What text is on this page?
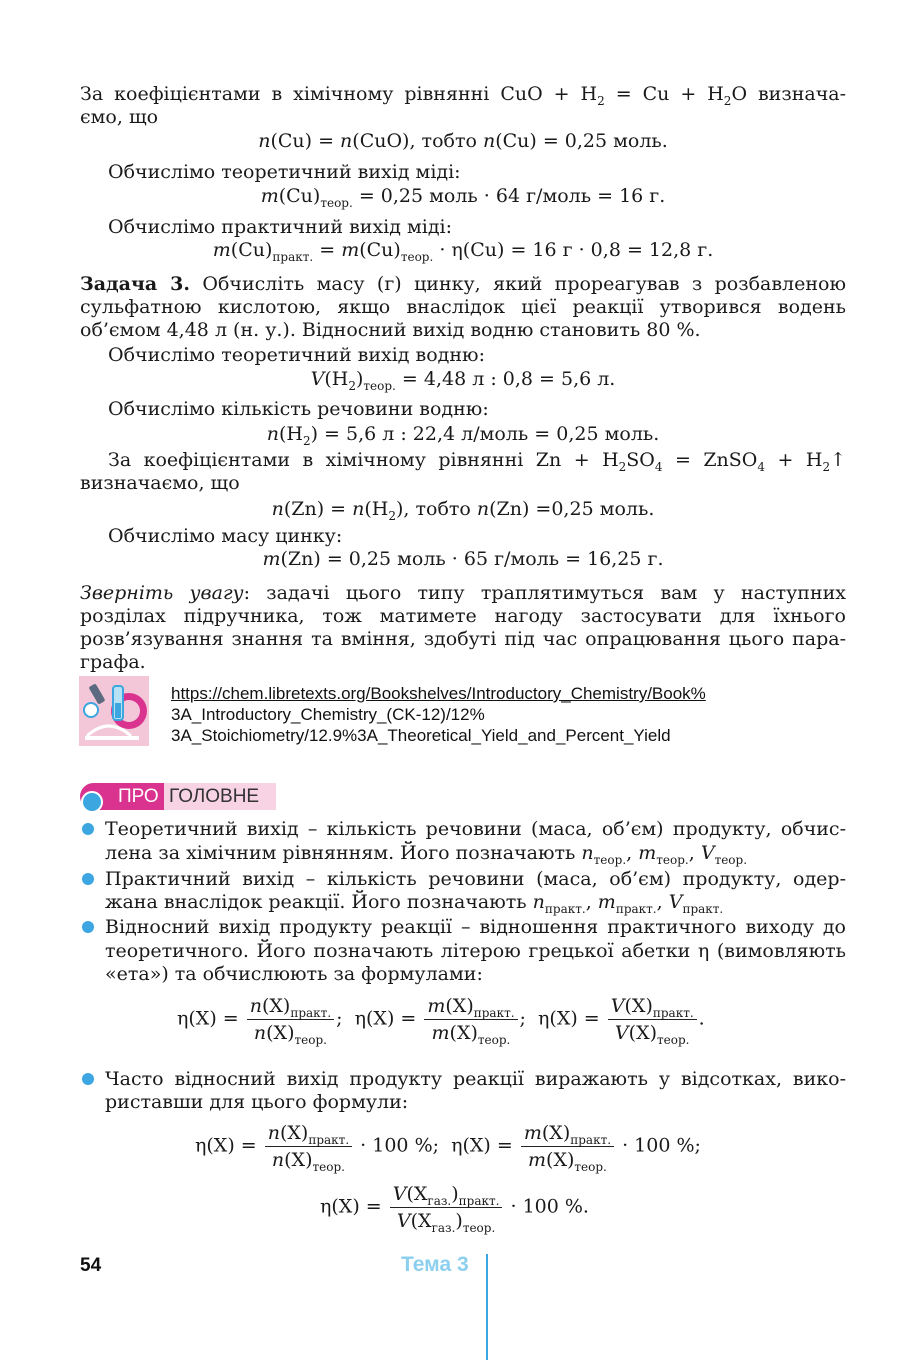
За коефіцієнтами в хімічному рівнянні CuO + $H_2 = Cu + H_2O$ визнача-
ємо, що
n(Cu) = n(CuO), тобто n(Cu) = 0,25 моль.
Обчислімо теоретичний вихід міді:
$m(Cu)_{теор.} = 0,25$ моль · 64 г/моль = 16 г.
Обчислімо практичний вихід міді:
$m(Cu)_{практ.} = m(Cu)_{теор.} \cdot \eta(Cu) = 16$ г · 0,8 = 12,8 г.
Задача 3. Обчисліть масу (г) цинку, який прореагував з розбавленою
сульфатною кислотою, якщо внаслідок цієї реакції утворився водень
об’ємом 4,48 л (н. у.). Відносний вихід водню становить 80 %.
Обчислімо теоретичний вихід водню:
$V(H_2)_{теор.} = 4,48$ л : 0,8 = 5,6 л.
Обчислімо кількість речовини водню:
$n(H_2) = 5,6$ л : 22,4 л/моль = 0,25 моль.
За коефіцієнтами в хімічному рівнянні $Zn + H_2SO_4$ = ZnSO$_4$ + $H_2↑$
визначаємо, що
$n(Zn) = n(H_2)$, тобто n(Zn) =0,25 моль.
Обчислімо масу цинку:
m(Zn) = 0,25 моль · 65 г/моль = 16,25 г.
Зверніть увагу: задачі цього типу траплятимуться вам у наступних
розділах підручника, тож матимете нагоду застосувати для їхнього
розв’язування знання та вміння, здобуті під час опрацювання цього пара-
графа.
https://chem.libretexts.org/Bookshelves/Introductory_Chemistry/Book%
3A_Introductory_Chemistry_(CK-12)/12%
3A_Stoichiometry/12.9%3A_Theoretical_Yield_and_Percent_Yield
ПРО ГОЛОВНЕ
Теоретичний вихід – кількість речовини (маса, об’єм) продукту, обчис-
лена за хімічним рівнянням. Його позначають $n_{теор.}$, $m_{теор.}$, $V_{теор.}$
Практичний вихід – кількість речовини (маса, об’єм) продукту, одер-
жана внаслідок реакції. Його позначають $n_{практ.}$, $m_{практ.}$, $V_{практ.}$
Відносний вихід продукту реакції – відношення практичного виходу до
теоретичного. Його позначають літерою грецької абетки η (вимовляють
«ета») та обчислюють за формулами:
$\eta(X) = \frac{n(X)_{практ.}}{n(X)_{теор.}}$ ;  $\eta(X) = \frac{m(X)_{практ.}}{m(X)_{теор.}}$ ;  $\eta(X) = \frac{V(X)_{практ.}}{V(X)_{теор.}}$ .
Часто відносний вихід продукту реакції виражають у відсотках, вико-
риставши для цього формули:
$\eta(X) = \frac{n(X)_{практ.}}{n(X)_{теор.}} \cdot 100$ %;  $\eta(X) = \frac{m(X)_{практ.}}{m(X)_{теор.}} \cdot 100$ %;
$\eta(X) = \frac{V(X_{газ.})_{практ.}}{V(X_{газ.})_{теор.}} \cdot 100$ %.
54	Тема 3
